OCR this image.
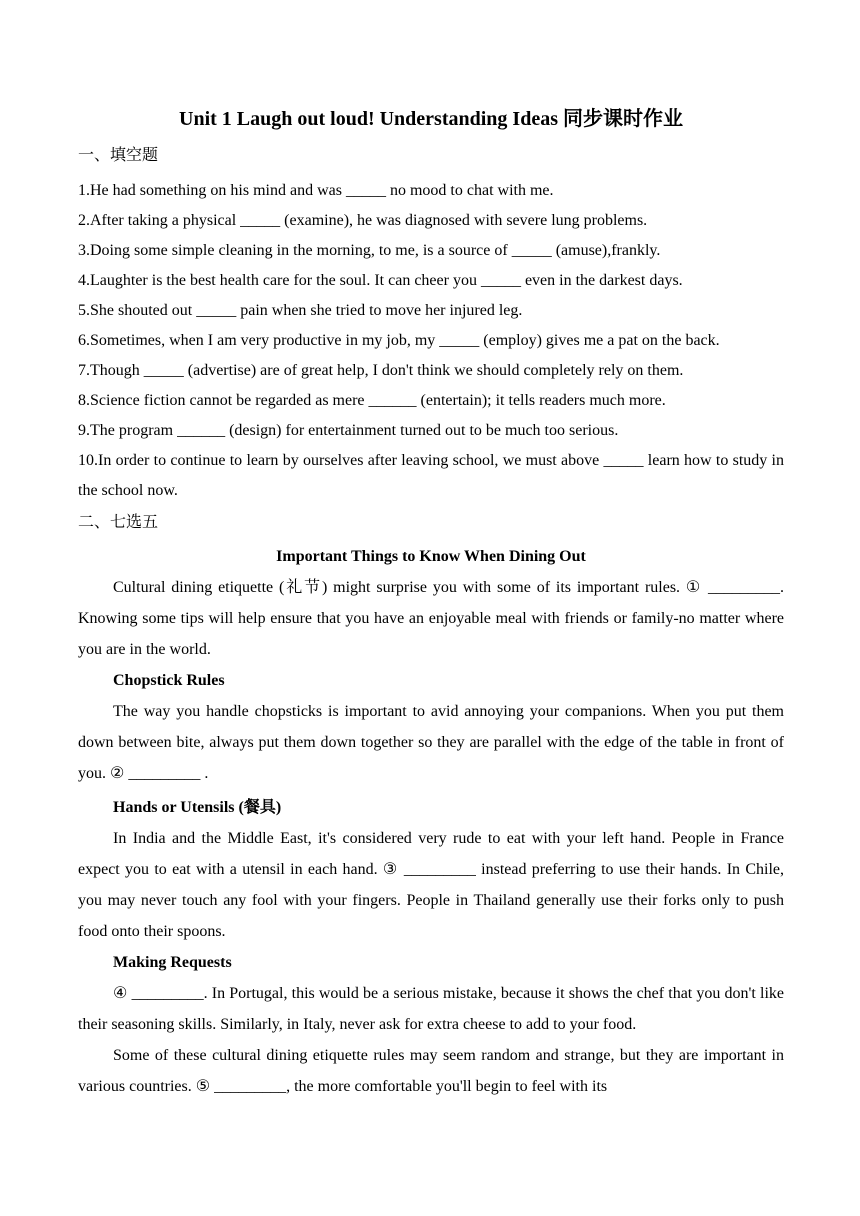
Unit 1 Laugh out loud! Understanding Ideas 同步课时作业

一、填空题

1.He had something on his mind and was _____ no mood to chat with me.

2.After taking a physical _____ (examine), he was diagnosed with severe lung problems.

3.Doing some simple cleaning in the morning, to me, is a source of _____ (amuse),frankly.

4.Laughter is the best health care for the soul. It can cheer you _____ even in the darkest days.

5.She shouted out _____ pain when she tried to move her injured leg.

6.Sometimes, when I am very productive in my job, my _____ (employ) gives me a pat on the back.

7.Though _____ (advertise) are of great help, I don't think we should completely rely on them.

8.Science fiction cannot be regarded as mere ______ (entertain); it tells readers much more.

9.The program ______ (design) for entertainment turned out to be much too serious.

10.In order to continue to learn by ourselves after leaving school, we must above _____ learn how to study in the school now.

二、七选五

Important Things to Know When Dining Out

Cultural dining etiquette (礼节) might surprise you with some of its important rules. ① _________. Knowing some tips will help ensure that you have an enjoyable meal with friends or family-no matter where you are in the world.

Chopstick Rules

The way you handle chopsticks is important to avid annoying your companions. When you put them down between bite, always put them down together so they are parallel with the edge of the table in front of you. ② _________ .

Hands or Utensils (餐具)

In India and the Middle East, it's considered very rude to eat with your left hand. People in France expect you to eat with a utensil in each hand. ③ _________ instead preferring to use their hands. In Chile, you may never touch any fool with your fingers. People in Thailand generally use their forks only to push food onto their spoons.

Making Requests

④ _________. In Portugal, this would be a serious mistake, because it shows the chef that you don't like their seasoning skills. Similarly, in Italy, never ask for extra cheese to add to your food.

Some of these cultural dining etiquette rules may seem random and strange, but they are important in various countries. ⑤ _________, the more comfortable you'll begin to feel with its
